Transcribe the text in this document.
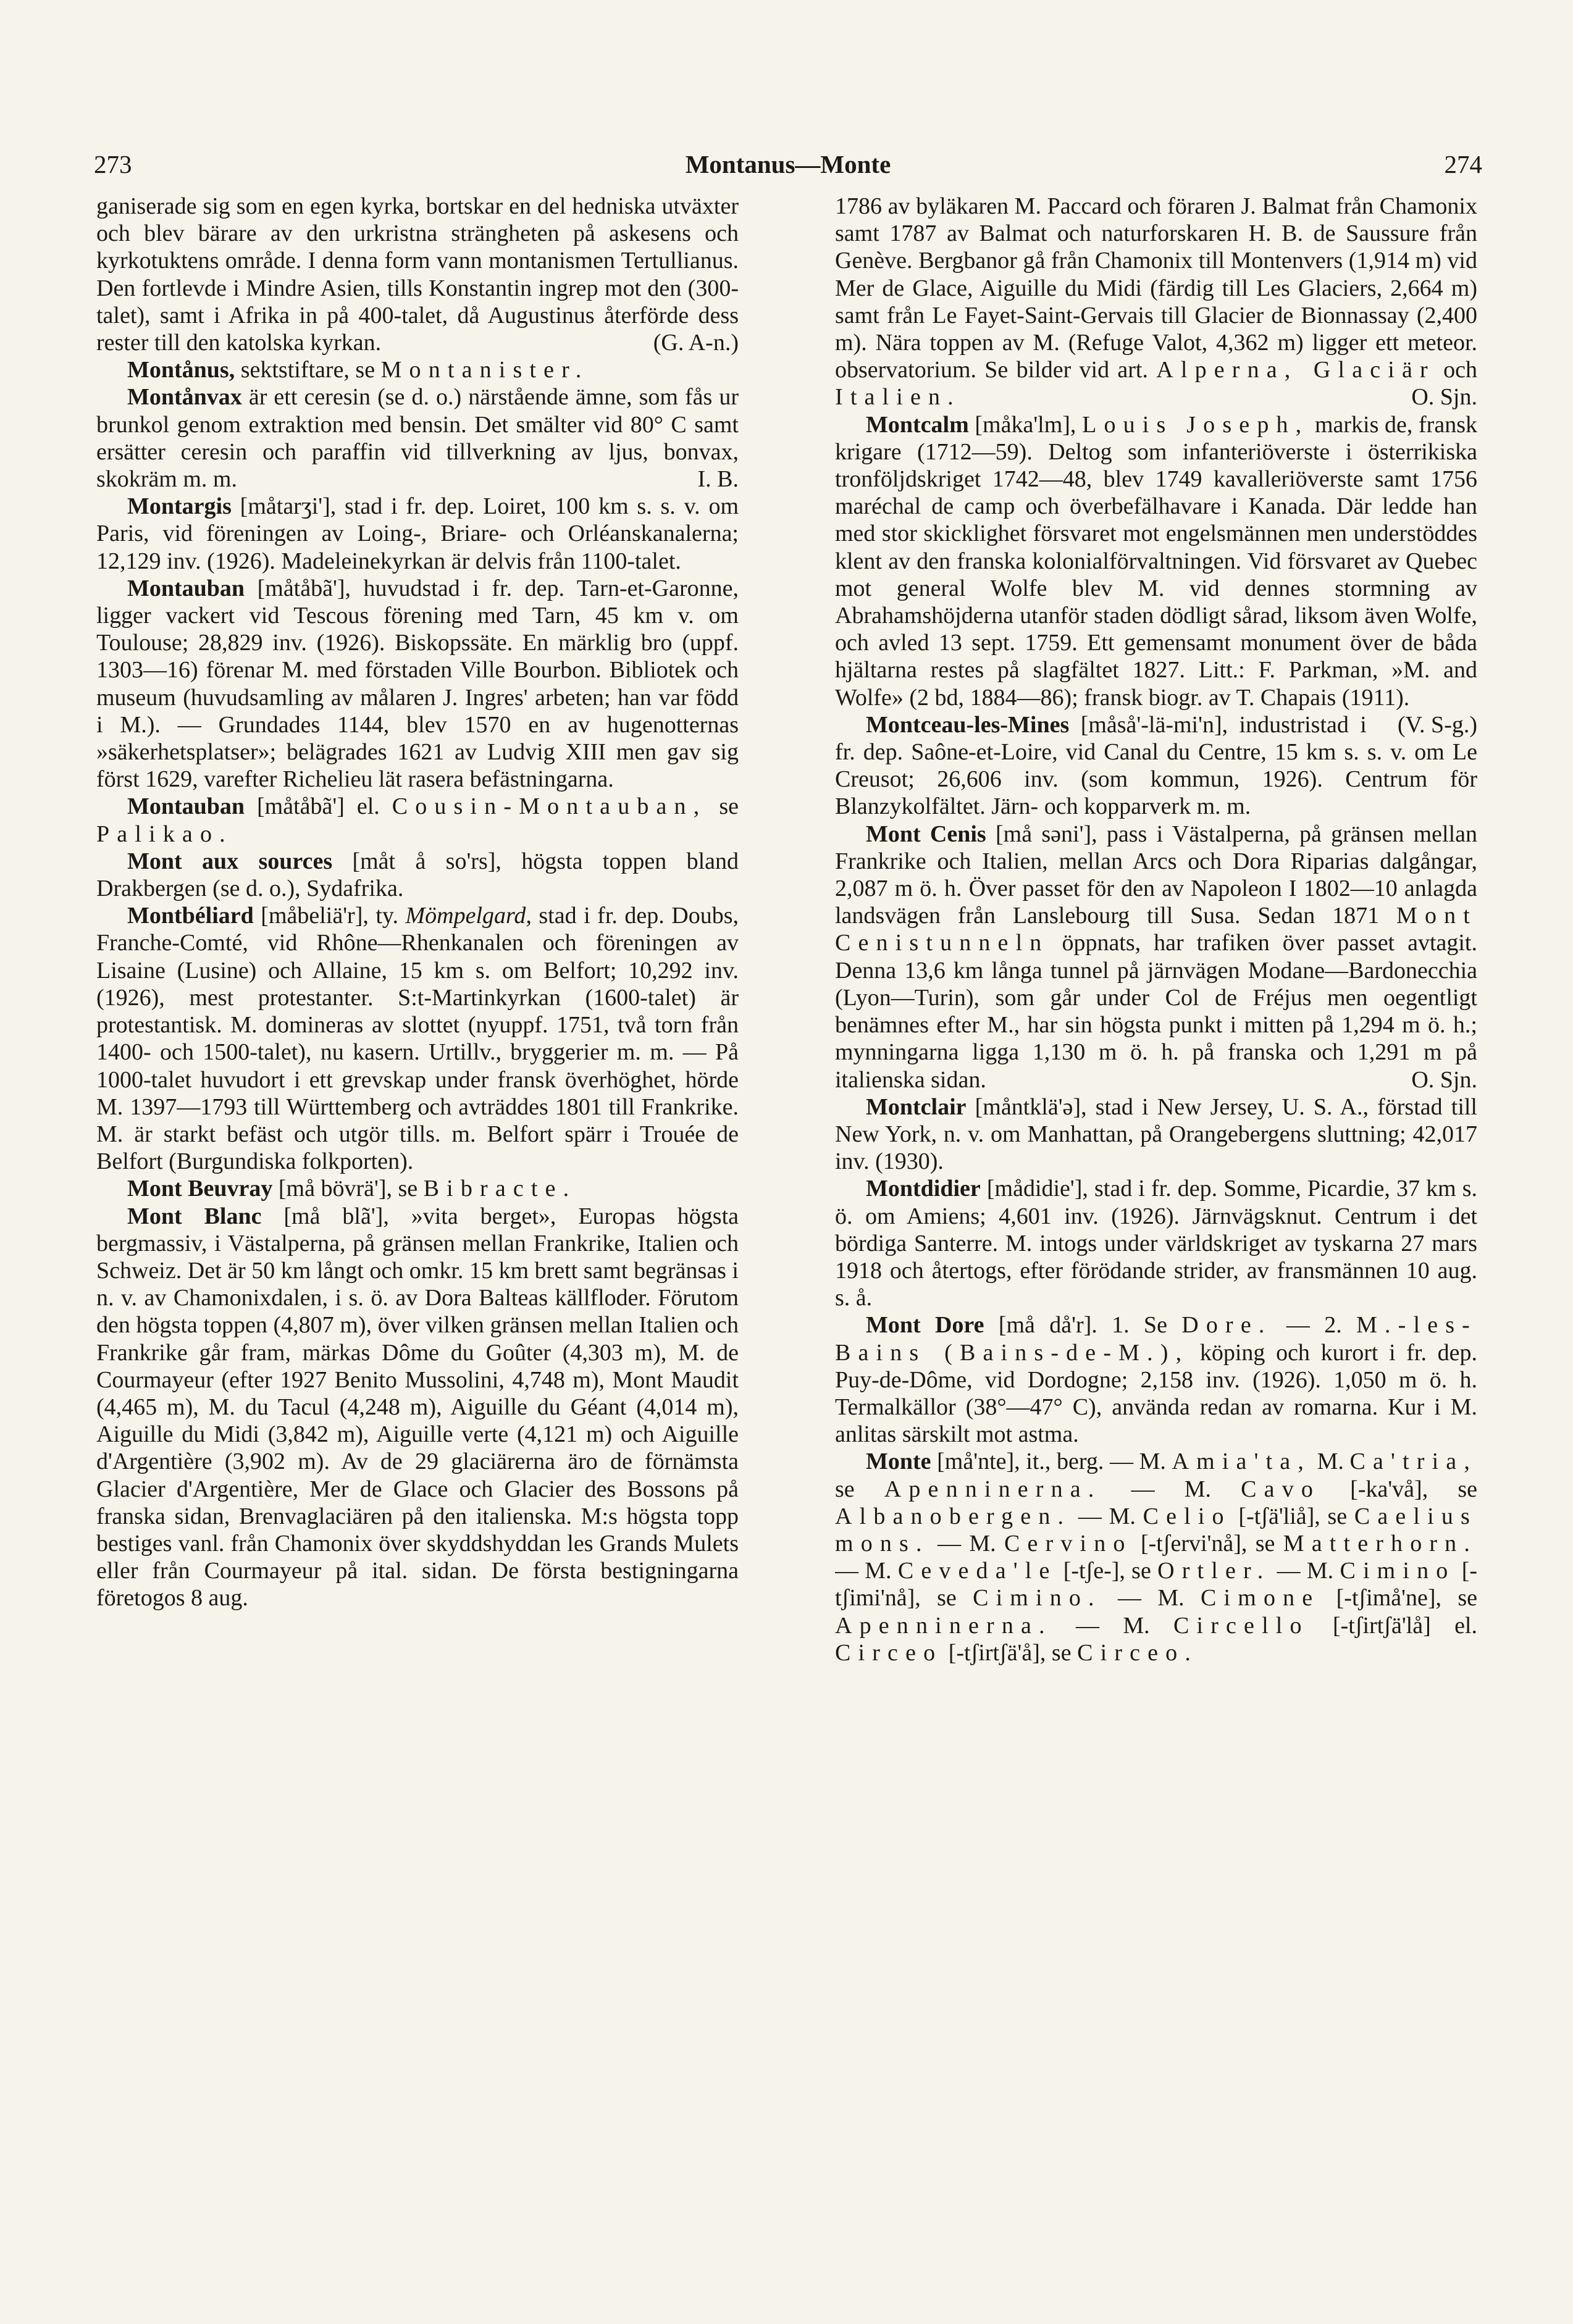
273	Montanus—Monte	274

ganiserade sig som en egen kyrka, bortskar en del hedniska utväxter och blev bärare av den urkristna strängheten på askesens och kyrkotuktens område. I denna form vann montanismen Tertullianus. Den fortlevde i Mindre Asien, tills Konstantin ingrep mot den (300-talet), samt i Afrika in på 400-talet, då Augustinus återförde dess rester till den katolska kyrkan.	(G. A-n.)

Montånus, sektstiftare, se Montanister.

Montånvax är ett ceresin (se d. o.) närstående ämne, som fås ur brunkol genom extraktion med bensin. Det smälter vid 80° C samt ersätter ceresin och paraffin vid tillverkning av ljus, bonvax, skokräm m. m.	I. B.

Montargis [måtarʒi'], stad i fr. dep. Loiret, 100 km s. s. v. om Paris, vid föreningen av Loing-, Briare- och Orléanskanalerna; 12,129 inv. (1926). Madeleinekyrkan är delvis från 1100-talet.

Montauban [måtåbã'], huvudstad i fr. dep. Tarn-et-Garonne, ligger vackert vid Tescous förening med Tarn, 45 km v. om Toulouse; 28,829 inv. (1926). Biskopssäte. En märklig bro (uppf. 1303—16) förenar M. med förstaden Ville Bourbon. Bibliotek och museum (huvudsamling av målaren J. Ingres' arbeten; han var född i M.). — Grundades 1144, blev 1570 en av hugenotternas »säkerhetsplatser»; belägrades 1621 av Ludvig XIII men gav sig först 1629, varefter Richelieu lät rasera befästningarna.

Montauban [måtåbã'] el. Cousin-Montauban, se Palikao.

Mont aux sources [måt å so'rs], högsta toppen bland Drakbergen (se d. o.), Sydafrika.

Montbéliard [måbeliä'r], ty. Mömpelgard, stad i fr. dep. Doubs, Franche-Comté, vid Rhône—Rhenkanalen och föreningen av Lisaine (Lusine) och Allaine, 15 km s. om Belfort; 10,292 inv. (1926), mest protestanter. S:t-Martinkyrkan (1600-talet) är protestantisk. M. domineras av slottet (nyuppf. 1751, två torn från 1400- och 1500-talet), nu kasern. Urtillv., bryggerier m. m. — På 1000-talet huvudort i ett grevskap under fransk överhöghet, hörde M. 1397—1793 till Württemberg och avträddes 1801 till Frankrike. M. är starkt befäst och utgör tills. m. Belfort spärr i Trouée de Belfort (Burgundiska folkporten).

Mont Beuvray [må bövrä'], se Bibracte.

Mont Blanc [må blã'], »vita berget», Europas högsta bergmassiv, i Västalperna, på gränsen mellan Frankrike, Italien och Schweiz. Det är 50 km långt och omkr. 15 km brett samt begränsas i n. v. av Chamonixdalen, i s. ö. av Dora Balteas källfloder. Förutom den högsta toppen (4,807 m), över vilken gränsen mellan Italien och Frankrike går fram, märkas Dôme du Goûter (4,303 m), M. de Courmayeur (efter 1927 Benito Mussolini, 4,748 m), Mont Maudit (4,465 m), M. du Tacul (4,248 m), Aiguille du Géant (4,014 m), Aiguille du Midi (3,842 m), Aiguille verte (4,121 m) och Aiguille d'Argentière (3,902 m). Av de 29 glaciärerna äro de förnämsta Glacier d'Argentière, Mer de Glace och Glacier des Bossons på franska sidan, Brenvaglaciären på den italienska. M:s högsta topp bestiges vanl. från Chamonix över skyddshyddan les Grands Mulets eller från Courmayeur på ital. sidan. De första bestigningarna företogos 8 aug.

1786 av byläkaren M. Paccard och föraren J. Balmat från Chamonix samt 1787 av Balmat och naturforskaren H. B. de Saussure från Genève. Bergbanor gå från Chamonix till Montenvers (1,914 m) vid Mer de Glace, Aiguille du Midi (färdig till Les Glaciers, 2,664 m) samt från Le Fayet-Saint-Gervais till Glacier de Bionnassay (2,400 m). Nära toppen av M. (Refuge Valot, 4,362 m) ligger ett meteor. observatorium. Se bilder vid art. Alperna, Glaciär och Italien.	O. Sjn.

Montcalm [måka'lm], Louis Joseph, markis de, fransk krigare (1712—59). Deltog som infanteriöverste i österrikiska tronföljdskriget 1742—48, blev 1749 kavalleriöverste samt 1756 maréchal de camp och överbefälhavare i Kanada. Där ledde han med stor skicklighet försvaret mot engelsmännen men understöddes klent av den franska kolonialförvaltningen. Vid försvaret av Quebec mot general Wolfe blev M. vid dennes stormning av Abrahamshöjderna utanför staden dödligt sårad, liksom även Wolfe, och avled 13 sept. 1759. Ett gemensamt monument över de båda hjältarna restes på slagfältet 1827. Litt.: F. Parkman, »M. and Wolfe» (2 bd, 1884—86); fransk biogr. av T. Chapais (1911).
(V. S-g.)

Montceau-les-Mines [måså'-lä-mi'n], industristad i fr. dep. Saône-et-Loire, vid Canal du Centre, 15 km s. s. v. om Le Creusot; 26,606 inv. (som kommun, 1926). Centrum för Blanzykolfältet. Järn- och kopparverk m. m.

Mont Cenis [må səni'], pass i Västalperna, på gränsen mellan Frankrike och Italien, mellan Arcs och Dora Riparias dalgångar, 2,087 m ö. h. Över passet för den av Napoleon I 1802—10 anlagda landsvägen från Lanslebourg till Susa. Sedan 1871 Mont Cenistunneln öppnats, har trafiken över passet avtagit. Denna 13,6 km långa tunnel på järnvägen Modane—Bardonecchia (Lyon—Turin), som går under Col de Fréjus men oegentligt benämnes efter M., har sin högsta punkt i mitten på 1,294 m ö. h.; mynningarna ligga 1,130 m ö. h. på franska och 1,291 m på italienska sidan.	O. Sjn.

Montclair [måntklä'ə], stad i New Jersey, U. S. A., förstad till New York, n. v. om Manhattan, på Orangebergens sluttning; 42,017 inv. (1930).

Montdidier [mådidie'], stad i fr. dep. Somme, Picardie, 37 km s. ö. om Amiens; 4,601 inv. (1926). Järnvägsknut. Centrum i det bördiga Santerre. M. intogs under världskriget av tyskarna 27 mars 1918 och återtogs, efter förödande strider, av fransmännen 10 aug. s. å.

Mont Dore [må då'r]. 1. Se Dore. — 2. M.-les-Bains (Bains-de-M.), köping och kurort i fr. dep. Puy-de-Dôme, vid Dordogne; 2,158 inv. (1926). 1,050 m ö. h. Termalkällor (38°—47° C), använda redan av romarna. Kur i M. anlitas särskilt mot astma.

Monte [må'nte], it., berg. — M. Amia'ta, M. Ca'tria, se Apenninerna. — M. Cavo [-ka'vå], se Albanobergen. — M. Celio [-tʃä'liå], se Caelius mons. — M. Cervino [-tʃervi'nå], se Matterhorn. — M. Ceveda'le [-tʃe-], se Ortler. — M. Cimino [-tʃimi'nå], se Cimino. — M. Cimone [-tʃimå'ne], se Apenninerna. — M. Circello [-tʃirtʃä'lå] el. Circeo [-tʃirtʃä'å], se Circeo.
